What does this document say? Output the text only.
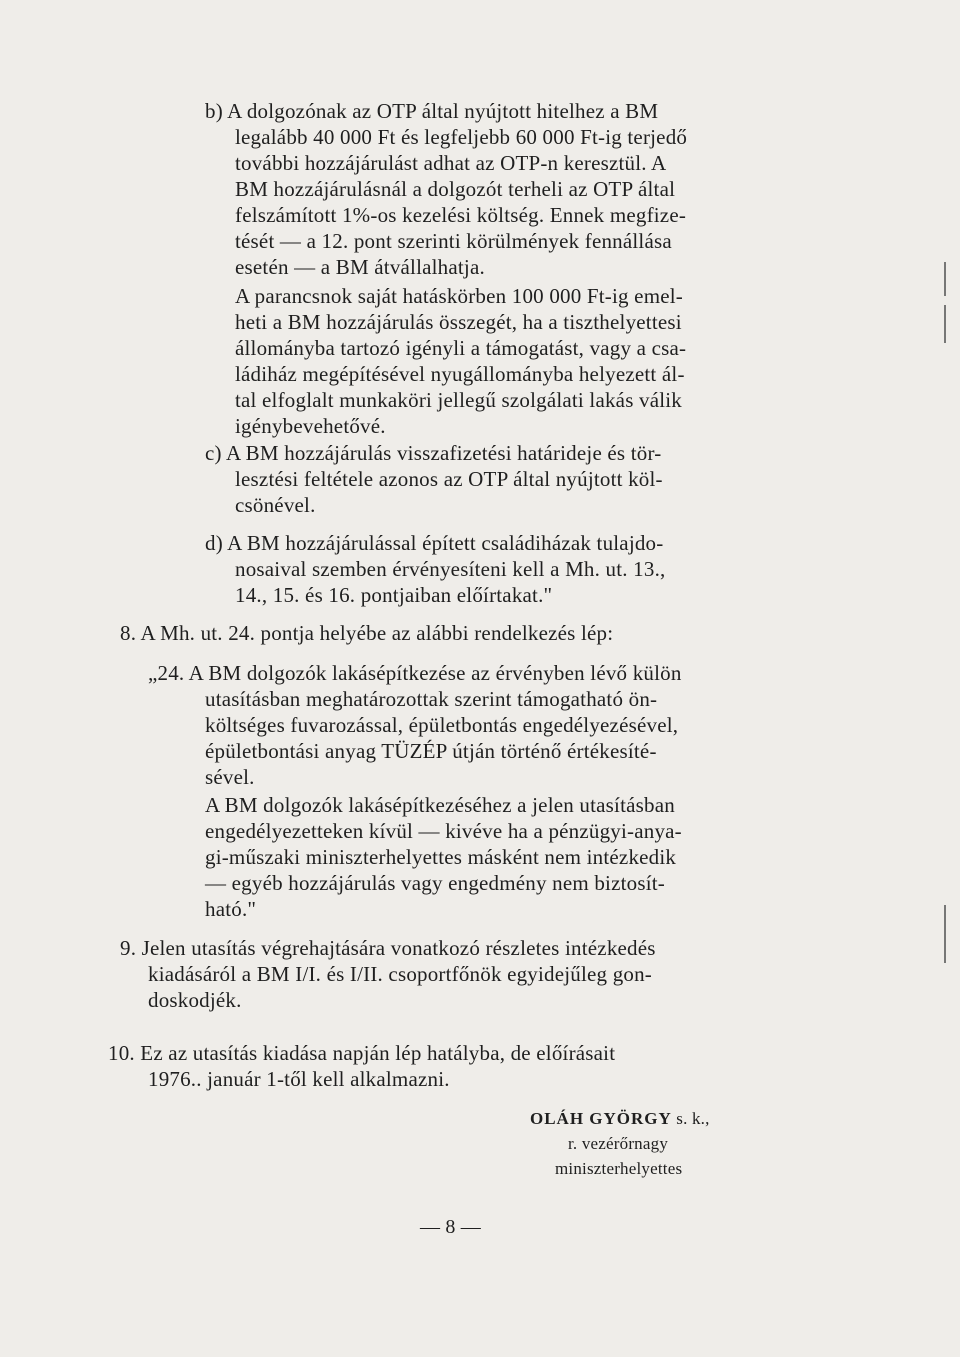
b) A dolgozónak az OTP által nyújtott hitelhez a BM
legalább 40 000 Ft és legfeljebb 60 000 Ft-ig terjedő
további hozzájárulást adhat az OTP-n keresztül. A
BM hozzájárulásnál a dolgozót terheli az OTP által
felszámított 1%-os kezelési költség. Ennek megfize-
tését — a 12. pont szerinti körülmények fennállása
esetén — a BM átvállalhatja.
A parancsnok saját hatáskörben 100 000 Ft-ig emel-
heti a BM hozzájárulás összegét, ha a tiszthelyettesi
állományba tartozó igényli a támogatást, vagy a csa-
ládiház megépítésével nyugállományba helyezett ál-
tal elfoglalt munkaköri jellegű szolgálati lakás válik
igénybevehetővé.
c) A BM hozzájárulás visszafizetési határideje és tör-
lesztési feltétele azonos az OTP által nyújtott köl-
csönével.
d) A BM hozzájárulással épített családiházak tulajdo-
nosaival szemben érvényesíteni kell a Mh. ut. 13.,
14., 15. és 16. pontjaiban előírtakat."
8. A Mh. ut. 24. pontja helyébe az alábbi rendelkezés lép:
„24. A BM dolgozók lakásépítkezése az érvényben lévő külön
utasításban meghatározottak szerint támogatható ön-
költséges fuvarozással, épületbontás engedélyezésével,
épületbontási anyag TÜZÉP útján történő értékesíté-
sével.
A BM dolgozók lakásépítkezéséhez a jelen utasításban
engedélyezetteken kívül — kivéve ha a pénzügyi-anya-
gi-műszaki miniszterhelyettes másként nem intézkedik
— egyéb hozzájárulás vagy engedmény nem biztosít-
ható."
9. Jelen utasítás végrehajtására vonatkozó részletes intézkedés
kiadásáról a BM I/I. és I/II. csoportfőnök egyidejűleg gon-
doskodjék.
10. Ez az utasítás kiadása napján lép hatályba, de előírásait
1976.. január 1-től kell alkalmazni.
OLÁH GYÖRGY s. k.,
r. vezérőrnagy
miniszterhelyettes
— 8 —
